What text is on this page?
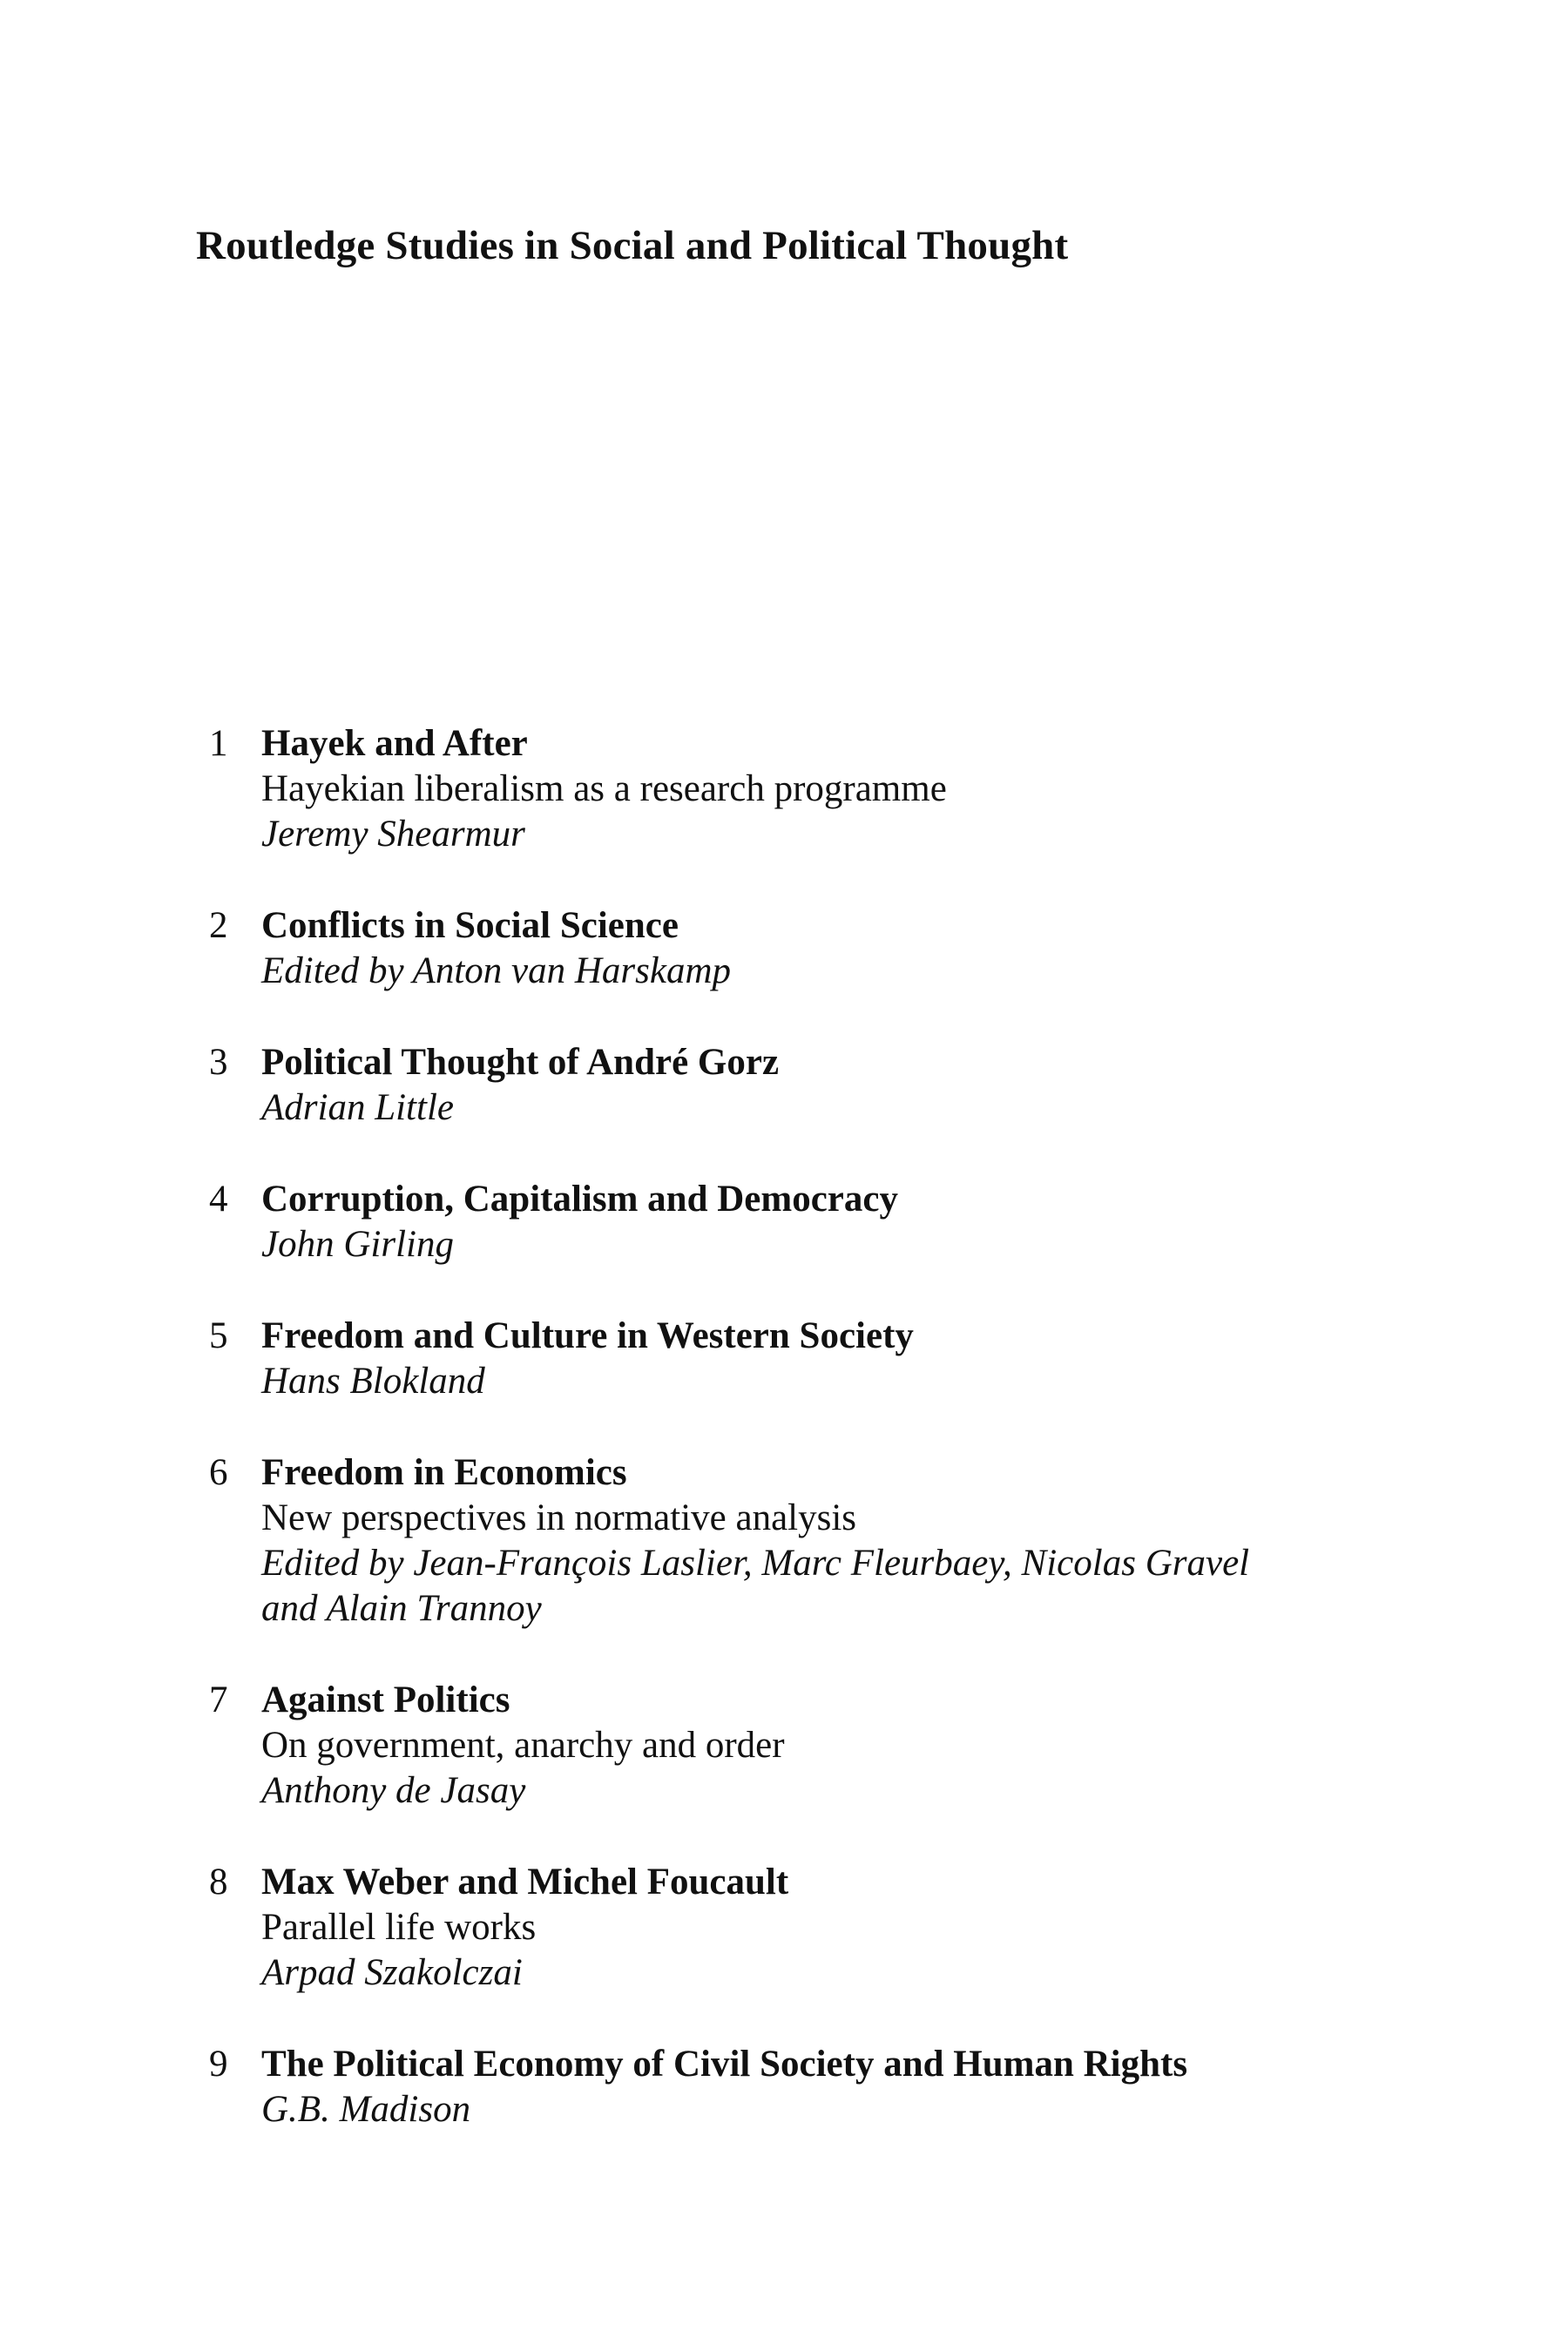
Routledge Studies in Social and Political Thought
1 Hayek and After
Hayekian liberalism as a research programme
Jeremy Shearmur
2 Conflicts in Social Science
Edited by Anton van Harskamp
3 Political Thought of André Gorz
Adrian Little
4 Corruption, Capitalism and Democracy
John Girling
5 Freedom and Culture in Western Society
Hans Blokland
6 Freedom in Economics
New perspectives in normative analysis
Edited by Jean-François Laslier, Marc Fleurbaey, Nicolas Gravel
and Alain Trannoy
7 Against Politics
On government, anarchy and order
Anthony de Jasay
8 Max Weber and Michel Foucault
Parallel life works
Arpad Szakolczai
9 The Political Economy of Civil Society and Human Rights
G.B. Madison
